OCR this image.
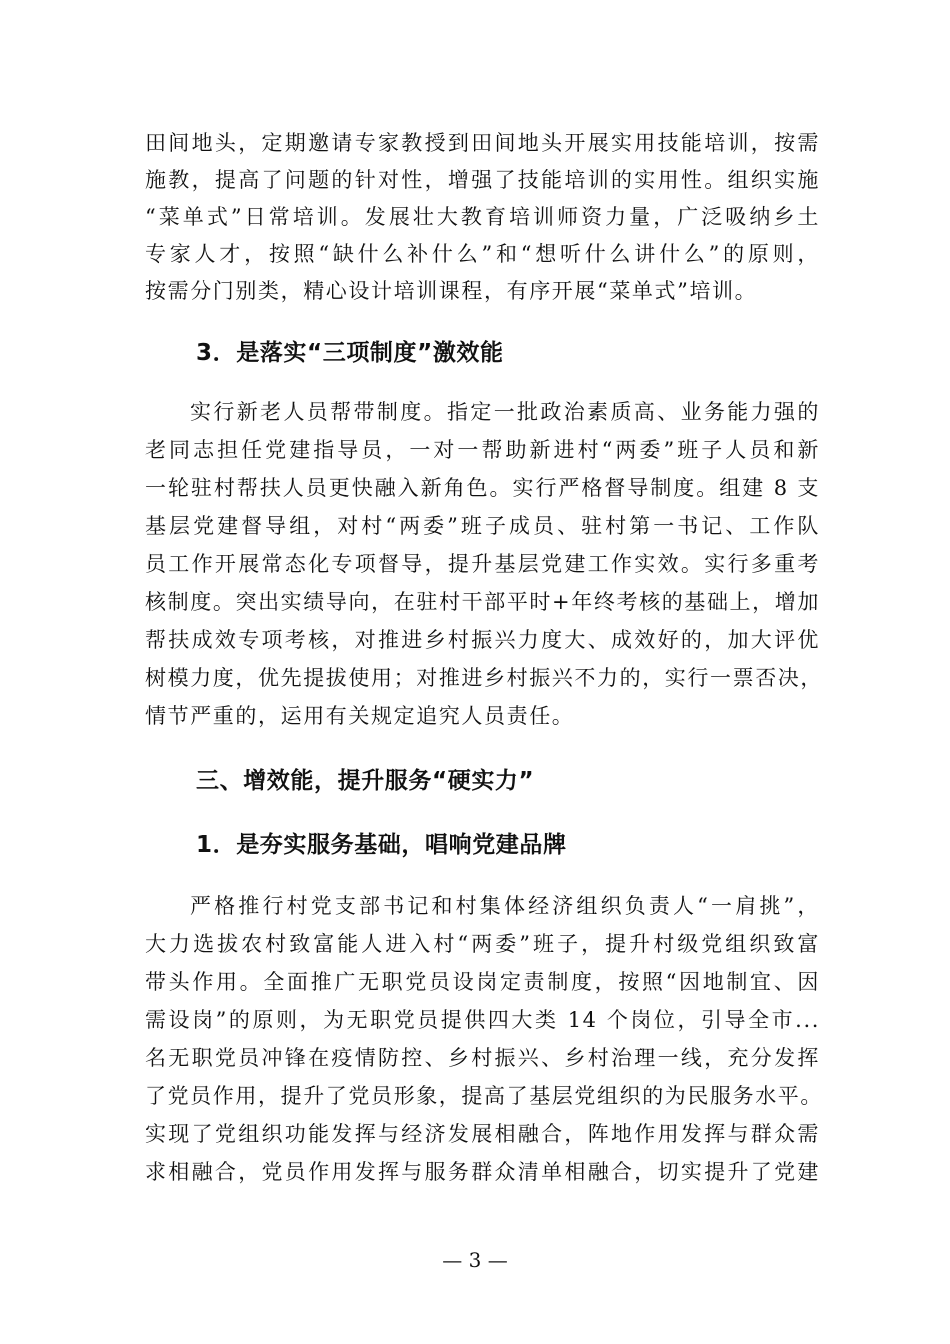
田间地头，定期邀请专家教授到田间地头开展实用技能培训，按需
施教，提高了问题的针对性，增强了技能培训的实用性。组织实施
“菜单式”日常培训。发展壮大教育培训师资力量，广泛吸纳乡土
专家人才，按照“缺什么补什么”和“想听什么讲什么”的原则，
按需分门别类，精心设计培训课程，有序开展“菜单式”培训。
3．是落实“三项制度”激效能
实行新老人员帮带制度。指定一批政治素质高、业务能力强的
老同志担任党建指导员，一对一帮助新进村“两委”班子人员和新
一轮驻村帮扶人员更快融入新角色。实行严格督导制度。组建 8 支
基层党建督导组，对村“两委”班子成员、驻村第一书记、工作队
员工作开展常态化专项督导，提升基层党建工作实效。实行多重考
核制度。突出实绩导向，在驻村干部平时+年终考核的基础上，增加
帮扶成效专项考核，对推进乡村振兴力度大、成效好的，加大评优
树模力度，优先提拔使用；对推进乡村振兴不力的，实行一票否决，
情节严重的，运用有关规定追究人员责任。
三、增效能，提升服务“硬实力”
1．是夯实服务基础，唱响党建品牌
严格推行村党支部书记和村集体经济组织负责人“一肩挑”，
大力选拔农村致富能人进入村“两委”班子，提升村级党组织致富
带头作用。全面推广无职党员设岗定责制度，按照“因地制宜、因
需设岗”的原则，为无职党员提供四大类 14 个岗位，引导全市...
名无职党员冲锋在疫情防控、乡村振兴、乡村治理一线，充分发挥
了党员作用，提升了党员形象，提高了基层党组织的为民服务水平。
实现了党组织功能发挥与经济发展相融合，阵地作用发挥与群众需
求相融合，党员作用发挥与服务群众清单相融合，切实提升了党建
— 3 —
